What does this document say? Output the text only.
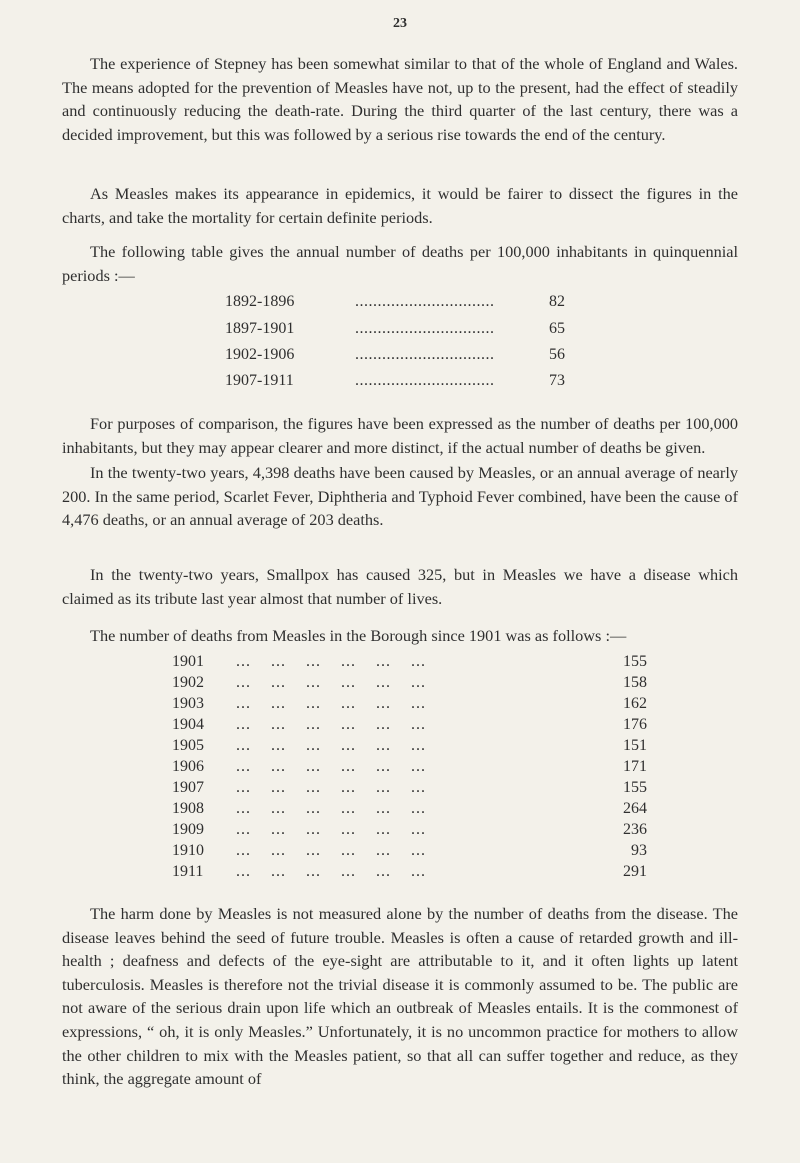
23

The experience of Stepney has been somewhat similar to that of the whole of England and Wales. The means adopted for the prevention of Measles have not, up to the present, had the effect of steadily and continuously reducing the death-rate. During the third quarter of the last century, there was a decided improvement, but this was followed by a serious rise towards the end of the century.

As Measles makes its appearance in epidemics, it would be fairer to dissect the figures in the charts, and take the mortality for certain definite periods.

The following table gives the annual number of deaths per 100,000 inhabitants in quinquennial periods :—

1892-1896	...............................	82
1897-1901	...............................	65
1902-1906	...............................	56
1907-1911	...............................	73

For purposes of comparison, the figures have been expressed as the number of deaths per 100,000 inhabitants, but they may appear clearer and more distinct, if the actual number of deaths be given.

In the twenty-two years, 4,398 deaths have been caused by Measles, or an annual average of nearly 200. In the same period, Scarlet Fever, Diphtheria and Typhoid Fever combined, have been the cause of 4,476 deaths, or an annual average of 203 deaths.

In the twenty-two years, Smallpox has caused 325, but in Measles we have a disease which claimed as its tribute last year almost that number of lives.

The number of deaths from Measles in the Borough since 1901 was as follows :—

1901	...    ...    ...    ...    ...    ...	155
1902	...    ...    ...    ...    ...    ...	158
1903	...    ...    ...    ...    ...    ...	162
1904	...    ...    ...    ...    ...    ...	176
1905	...    ...    ...    ...    ...    ...	151
1906	...    ...    ...    ...    ...    ...	171
1907	...    ...    ...    ...    ...    ...	155
1908	...    ...    ...    ...    ...    ...	264
1909	...    ...    ...    ...    ...    ...	236
1910	...    ...    ...    ...    ...    ...	93
1911	...    ...    ...    ...    ...    ...	291

The harm done by Measles is not measured alone by the number of deaths from the disease. The disease leaves behind the seed of future trouble. Measles is often a cause of retarded growth and ill-health ; deafness and defects of the eye-sight are attributable to it, and it often lights up latent tuberculosis. Measles is therefore not the trivial disease it is commonly assumed to be. The public are not aware of the serious drain upon life which an outbreak of Measles entails. It is the commonest of expressions, “ oh, it is only Measles.” Unfortunately, it is no uncommon practice for mothers to allow the other children to mix with the Measles patient, so that all can suffer together and reduce, as they think, the aggregate amount of
